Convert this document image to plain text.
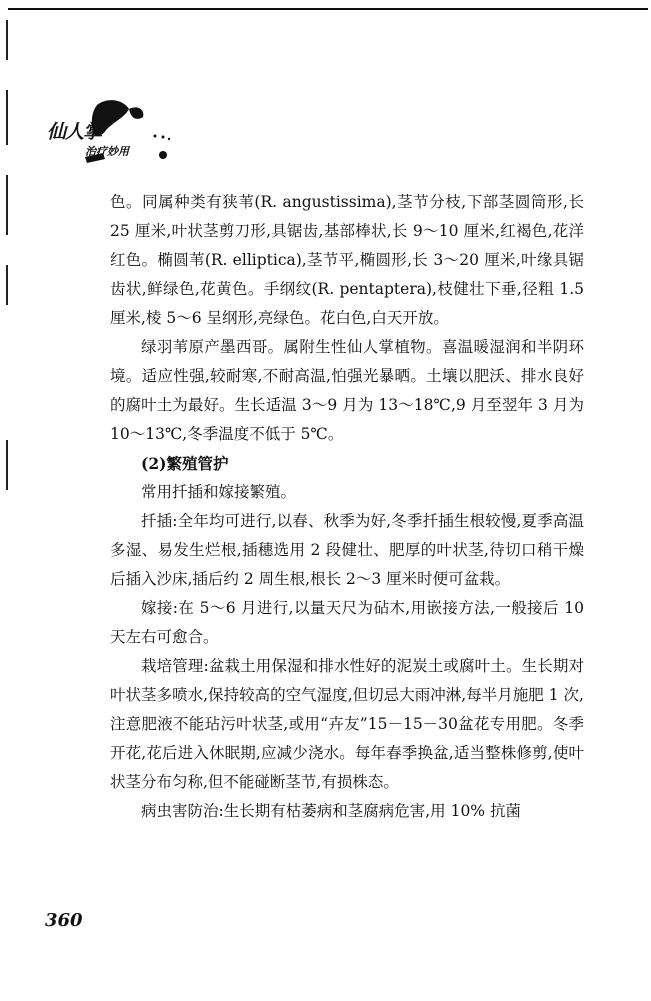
仙人掌
治疗妙用

色。同属种类有狭苇(R. angustissima),茎节分枝,下部茎圆筒形,长 25 厘米,叶状茎剪刀形,具锯齿,基部棒状,长 9～10 厘米,红褐色,花洋红色。椭圆苇(R. elliptica),茎节平,椭圆形,长 3～20 厘米,叶缘具锯齿状,鲜绿色,花黄色。手纲纹(R. pentaptera),枝健壮下垂,径粗 1.5 厘米,棱 5～6 呈纲形,亮绿色。花白色,白天开放。

绿羽苇原产墨西哥。属附生性仙人掌植物。喜温暖湿润和半阴环境。适应性强,较耐寒,不耐高温,怕强光暴晒。土壤以肥沃、排水良好的腐叶土为最好。生长适温 3～9 月为 13～18℃,9 月至翌年 3 月为 10～13℃,冬季温度不低于 5℃。

(2)繁殖管护

常用扦插和嫁接繁殖。

扦插:全年均可进行,以春、秋季为好,冬季扦插生根较慢,夏季高温多湿、易发生烂根,插穗选用 2 段健壮、肥厚的叶状茎,待切口稍干燥后插入沙床,插后约 2 周生根,根长 2～3 厘米时便可盆栽。

嫁接:在 5～6 月进行,以量天尺为砧木,用嵌接方法,一般接后 10 天左右可愈合。

栽培管理:盆栽土用保湿和排水性好的泥炭土或腐叶土。生长期对叶状茎多喷水,保持较高的空气湿度,但切忌大雨冲淋,每半月施肥 1 次,注意肥液不能玷污叶状茎,或用“卉友”15－15－30盆花专用肥。冬季开花,花后进入休眠期,应减少浇水。每年春季换盆,适当整株修剪,使叶状茎分布匀称,但不能碰断茎节,有损株态。

病虫害防治:生长期有枯萎病和茎腐病危害,用 10% 抗菌

360
